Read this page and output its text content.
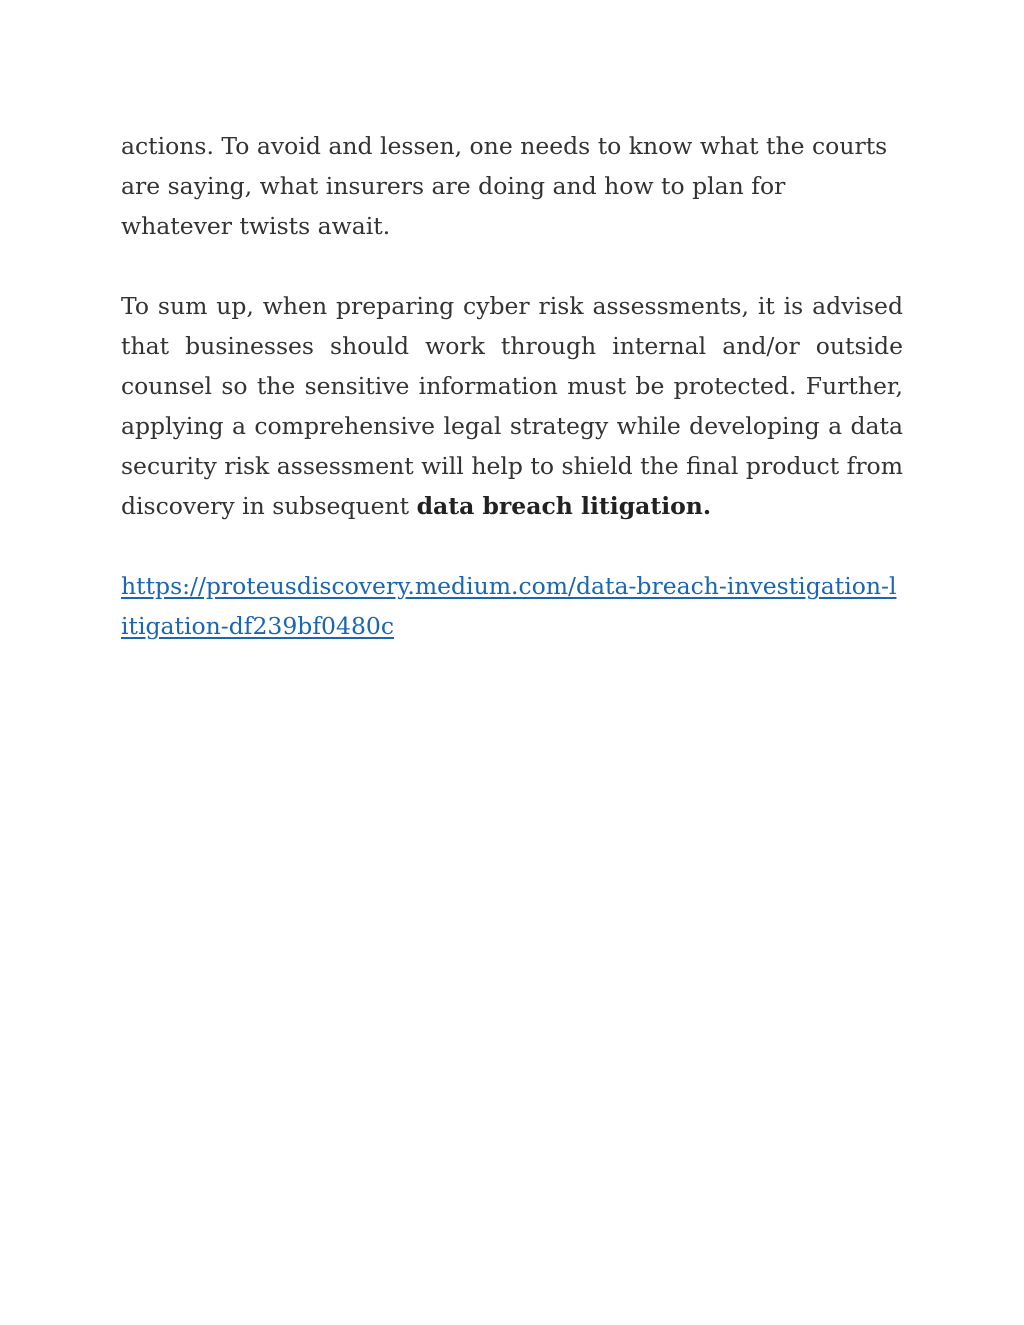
actions. To avoid and lessen, one needs to know what the courts are saying, what insurers are doing and how to plan for whatever twists await.

To sum up, when preparing cyber risk assessments, it is advised that businesses should work through internal and/or outside counsel so the sensitive information must be protected. Further, applying a comprehensive legal strategy while developing a data security risk assessment will help to shield the final product from discovery in subsequent data breach litigation.

https://proteusdiscovery.medium.com/data-breach-investigation-litigation-df239bf0480c
